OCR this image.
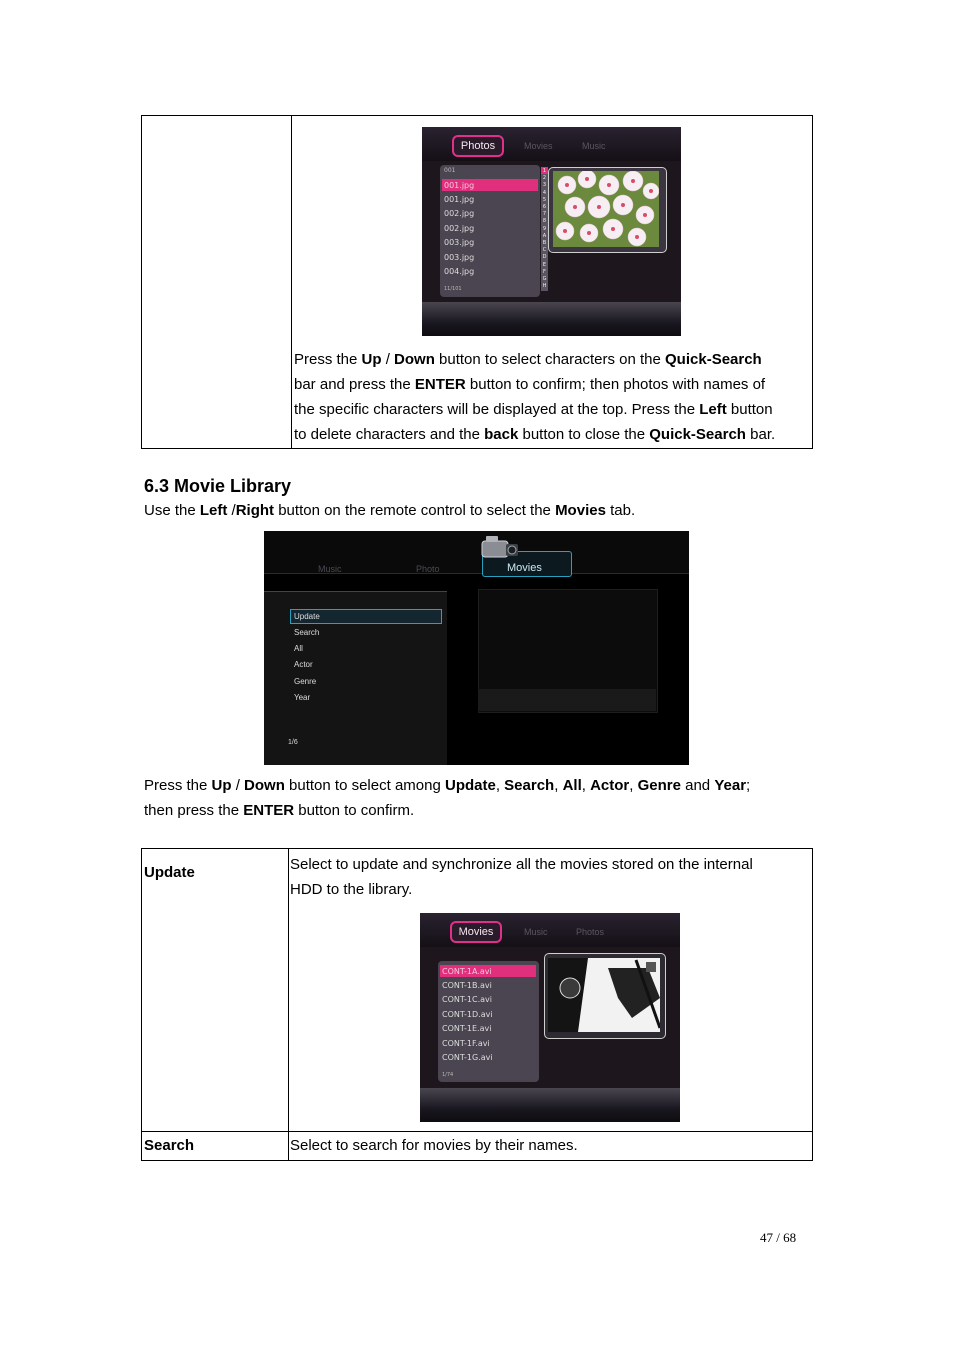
Photos	Movies	Music
001
001.jpg
001.jpg
002.jpg
002.jpg
003.jpg
003.jpg
004.jpg
11/101
1
2
3
4
5
6
7
8
9
A
B
C
D
E
F
G
H
Press the Up / Down button to select characters on the Quick-Search
bar and press the ENTER button to confirm; then photos with names of
the specific characters will be displayed at the top. Press the Left button
to delete characters and the back button to close the Quick-Search bar.
6.3 Movie Library
Use the Left /Right button on the remote control to select the Movies tab.
Music	Photo	Movies
Update
Search
All
Actor
Genre
Year
1/6
Press the Up / Down button to select among Update, Search, All, Actor, Genre and Year;
then press the ENTER button to confirm.
Update	Select to update and synchronize all the movies stored on the internal
HDD to the library.
Movies	Music	Photos
CONT-1A.avi
CONT-1B.avi
CONT-1C.avi
CONT-1D.avi
CONT-1E.avi
CONT-1F.avi
CONT-1G.avi
1/74
Search	Select to search for movies by their names.
47 / 68
